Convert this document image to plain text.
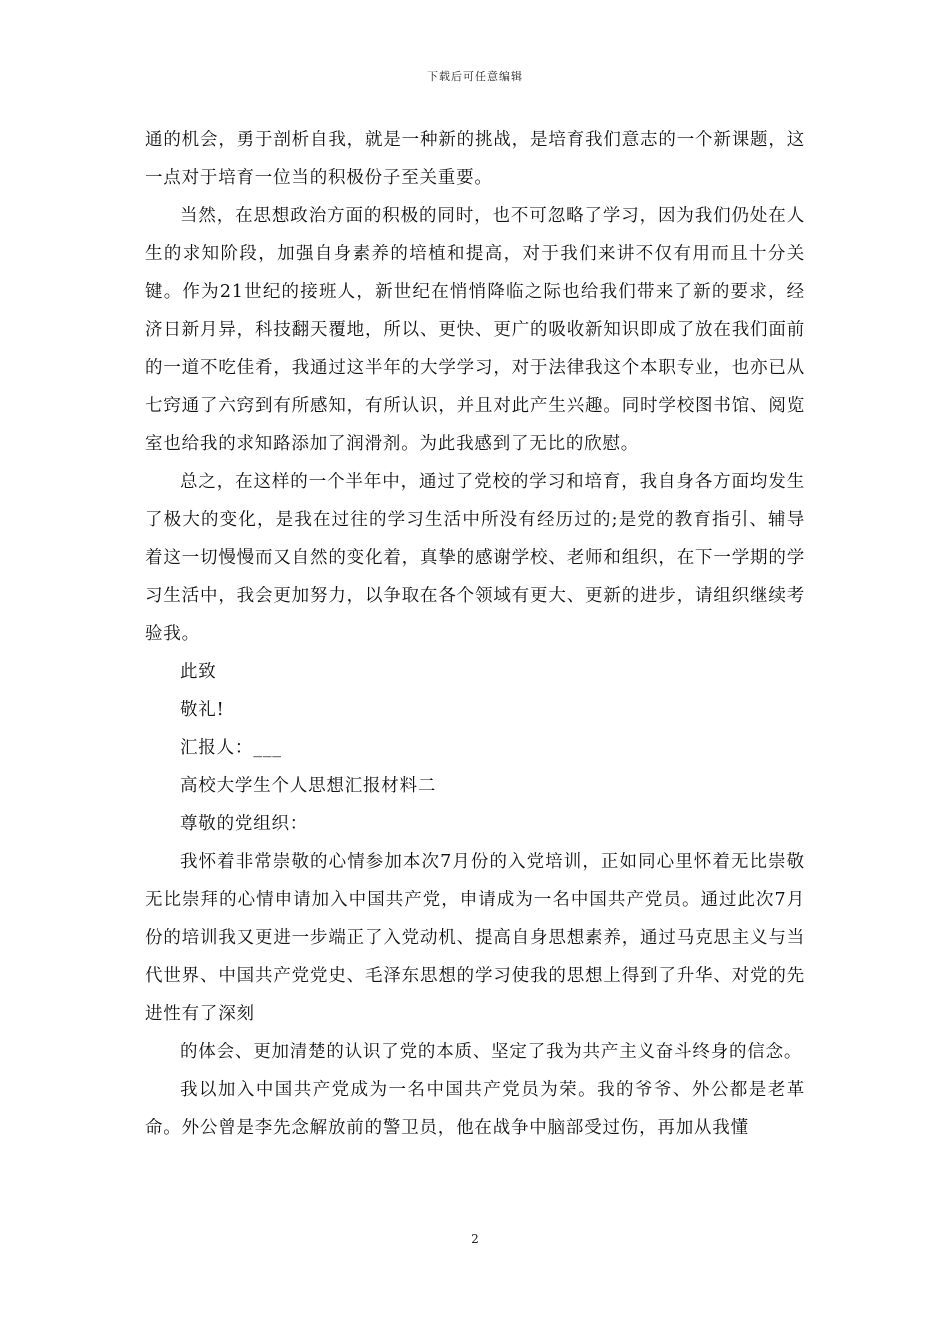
下载后可任意编辑

通的机会，勇于剖析自我，就是一种新的挑战，是培育我们意志的一个新课题，这一点对于培育一位当的积极份子至关重要。

当然，在思想政治方面的积极的同时，也不可忽略了学习，因为我们仍处在人生的求知阶段，加强自身素养的培植和提高，对于我们来讲不仅有用而且十分关键。作为21世纪的接班人，新世纪在悄悄降临之际也给我们带来了新的要求，经济日新月异，科技翻天覆地，所以、更快、更广的吸收新知识即成了放在我们面前的一道不吃佳肴，我通过这半年的大学学习，对于法律我这个本职专业，也亦已从七窍通了六窍到有所感知，有所认识，并且对此产生兴趣。同时学校图书馆、阅览室也给我的求知路添加了润滑剂。为此我感到了无比的欣慰。

总之，在这样的一个半年中，通过了党校的学习和培育，我自身各方面均发生了极大的变化，是我在过往的学习生活中所没有经历过的;是党的教育指引、辅导着这一切慢慢而又自然的变化着，真挚的感谢学校、老师和组织，在下一学期的学习生活中，我会更加努力，以争取在各个领域有更大、更新的进步，请组织继续考验我。

此致

敬礼!

汇报人：___

高校大学生个人思想汇报材料二

尊敬的党组织：

我怀着非常崇敬的心情参加本次7月份的入党培训，正如同心里怀着无比崇敬无比崇拜的心情申请加入中国共产党，申请成为一名中国共产党员。通过此次7月份的培训我又更进一步端正了入党动机、提高自身思想素养，通过马克思主义与当代世界、中国共产党党史、毛泽东思想的学习使我的思想上得到了升华、对党的先进性有了深刻

的体会、更加清楚的认识了党的本质、坚定了我为共产主义奋斗终身的信念。

我以加入中国共产党成为一名中国共产党员为荣。我的爷爷、外公都是老革命。外公曾是李先念解放前的警卫员，他在战争中脑部受过伤，再加从我懂

2
